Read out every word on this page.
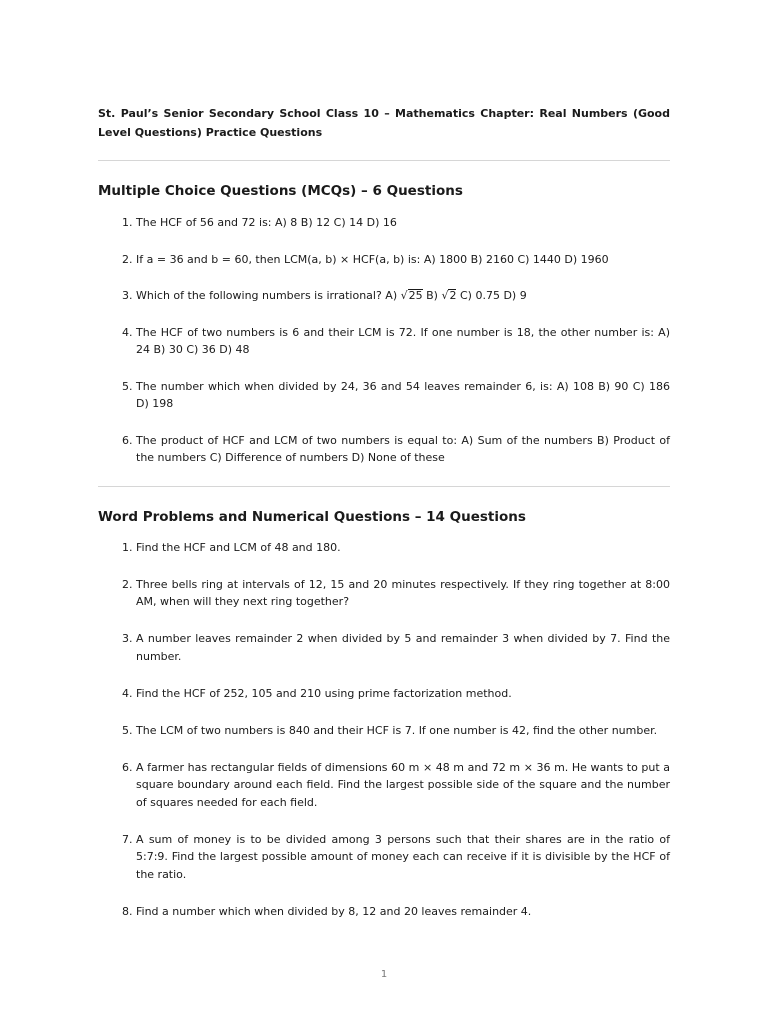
St. Paul’s Senior Secondary School Class 10 – Mathematics Chapter: Real Numbers (Good Level Questions) Practice Questions

Multiple Choice Questions (MCQs) – 6 Questions
1. The HCF of 56 and 72 is: A) 8 B) 12 C) 14 D) 16
2. If a = 36 and b = 60, then LCM(a, b) × HCF(a, b) is: A) 1800 B) 2160 C) 1440 D) 1960
3. Which of the following numbers is irrational? A) √25 B) √2 C) 0.75 D) 9
4. The HCF of two numbers is 6 and their LCM is 72. If one number is 18, the other number is: A) 24 B) 30 C) 36 D) 48
5. The number which when divided by 24, 36 and 54 leaves remainder 6, is: A) 108 B) 90 C) 186 D) 198
6. The product of HCF and LCM of two numbers is equal to: A) Sum of the numbers B) Product of the numbers C) Difference of numbers D) None of these
Word Problems and Numerical Questions – 14 Questions
1. Find the HCF and LCM of 48 and 180.
2. Three bells ring at intervals of 12, 15 and 20 minutes respectively. If they ring together at 8:00 AM, when will they next ring together?
3. A number leaves remainder 2 when divided by 5 and remainder 3 when divided by 7. Find the number.
4. Find the HCF of 252, 105 and 210 using prime factorization method.
5. The LCM of two numbers is 840 and their HCF is 7. If one number is 42, find the other number.
6. A farmer has rectangular fields of dimensions 60 m × 48 m and 72 m × 36 m. He wants to put a square boundary around each field. Find the largest possible side of the square and the number of squares needed for each field.
7. A sum of money is to be divided among 3 persons such that their shares are in the ratio of 5:7:9. Find the largest possible amount of money each can receive if it is divisible by the HCF of the ratio.
8. Find a number which when divided by 8, 12 and 20 leaves remainder 4.
1
